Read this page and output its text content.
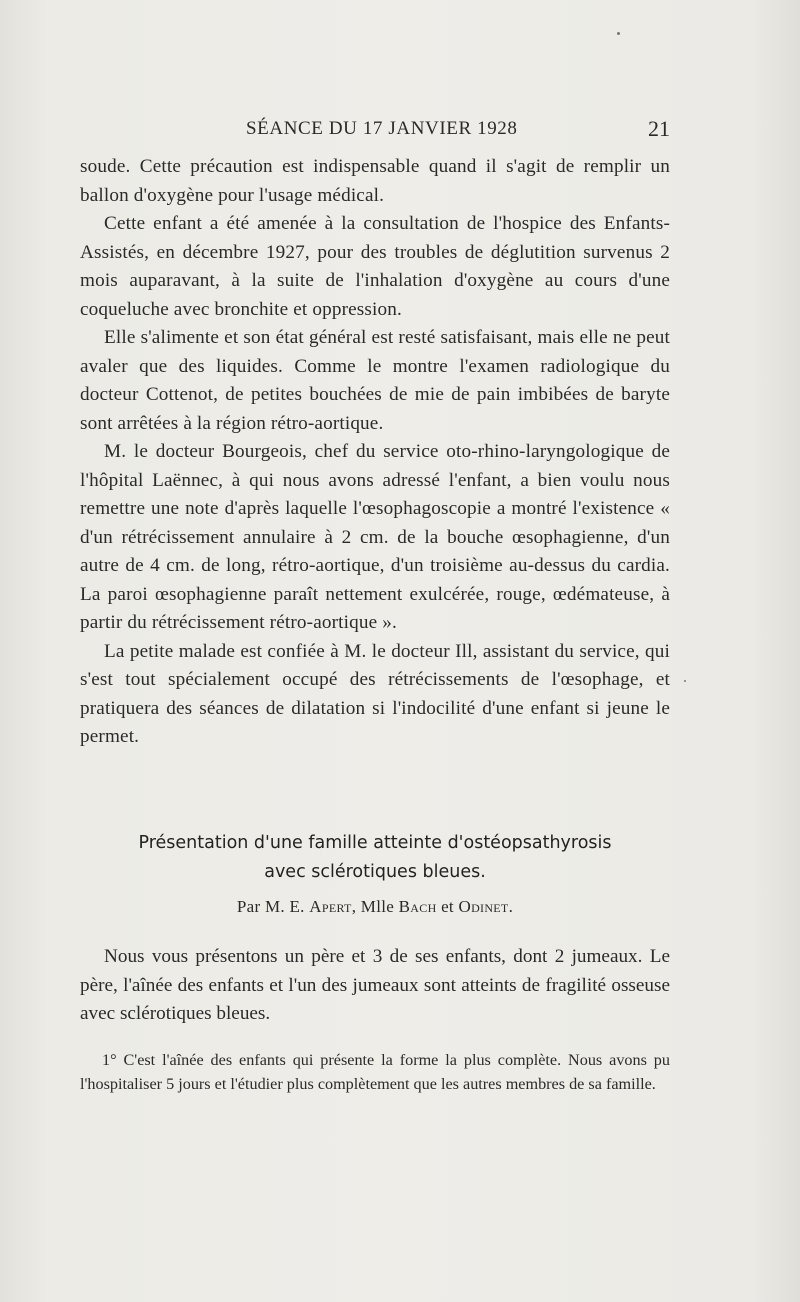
SÉANCE DU 17 JANVIER 1928	21

soude. Cette précaution est indispensable quand il s'agit de remplir un ballon d'oxygène pour l'usage médical.

Cette enfant a été amenée à la consultation de l'hospice des Enfants-Assistés, en décembre 1927, pour des troubles de déglutition survenus 2 mois auparavant, à la suite de l'inhalation d'oxygène au cours d'une coqueluche avec bronchite et oppression.

Elle s'alimente et son état général est resté satisfaisant, mais elle ne peut avaler que des liquides. Comme le montre l'examen radiologique du docteur Cottenot, de petites bouchées de mie de pain imbibées de baryte sont arrêtées à la région rétro-aortique.

M. le docteur Bourgeois, chef du service oto-rhino-laryngologique de l'hôpital Laënnec, à qui nous avons adressé l'enfant, a bien voulu nous remettre une note d'après laquelle l'œsophagoscopie a montré l'existence « d'un rétrécissement annulaire à 2 cm. de la bouche œsophagienne, d'un autre de 4 cm. de long, rétro-aortique, d'un troisième au-dessus du cardia. La paroi œsophagienne paraît nettement exulcérée, rouge, œdémateuse, à partir du rétrécissement rétro-aortique ».

La petite malade est confiée à M. le docteur Ill, assistant du service, qui s'est tout spécialement occupé des rétrécissements de l'œsophage, et pratiquera des séances de dilatation si l'indocilité d'une enfant si jeune le permet.

Présentation d'une famille atteinte d'ostéopsathyrosis
avec sclérotiques bleues.
Par M. E. Apert, Mlle Bach et Odinet.

Nous vous présentons un père et 3 de ses enfants, dont 2 jumeaux. Le père, l'aînée des enfants et l'un des jumeaux sont atteints de fragilité osseuse avec sclérotiques bleues.

1° C'est l'aînée des enfants qui présente la forme la plus complète. Nous avons pu l'hospitaliser 5 jours et l'étudier plus complètement que les autres membres de sa famille.
